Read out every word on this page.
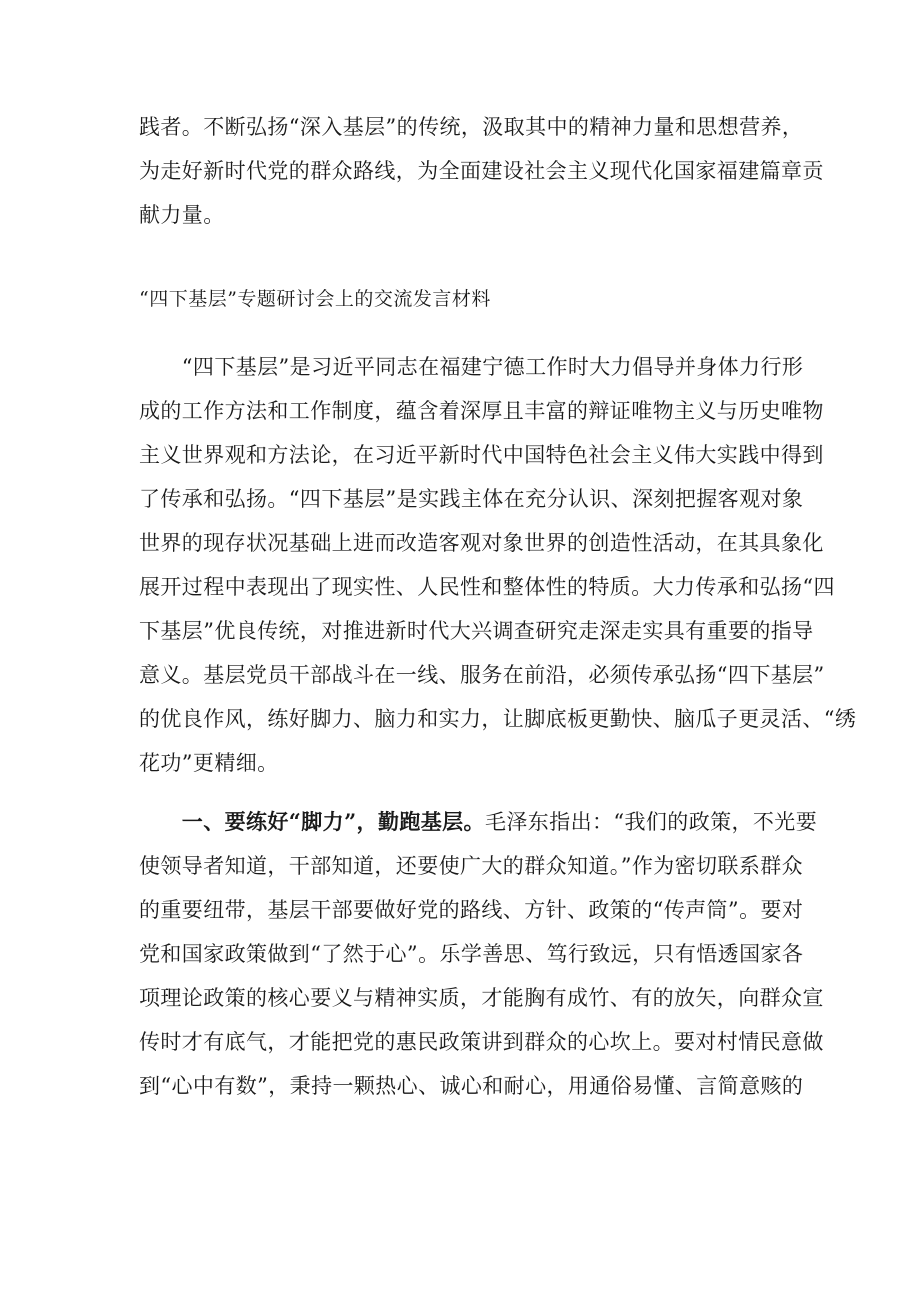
践者。不断弘扬“深入基层”的传统，汲取其中的精神力量和思想营养，
为走好新时代党的群众路线，为全面建设社会主义现代化国家福建篇章贡
献力量。
“四下基层”专题研讨会上的交流发言材料
　　“四下基层”是习近平同志在福建宁德工作时大力倡导并身体力行形
成的工作方法和工作制度，蕴含着深厚且丰富的辩证唯物主义与历史唯物
主义世界观和方法论，在习近平新时代中国特色社会主义伟大实践中得到
了传承和弘扬。“四下基层”是实践主体在充分认识、深刻把握客观对象
世界的现存状况基础上进而改造客观对象世界的创造性活动，在其具象化
展开过程中表现出了现实性、人民性和整体性的特质。大力传承和弘扬“四
下基层”优良传统，对推进新时代大兴调查研究走深走实具有重要的指导
意义。基层党员干部战斗在一线、服务在前沿，必须传承弘扬“四下基层”
的优良作风，练好脚力、脑力和实力，让脚底板更勤快、脑瓜子更灵活、“绣
花功”更精细。
　　一、要练好“脚力”，勤跑基层。毛泽东指出：“我们的政策，不光要
使领导者知道，干部知道，还要使广大的群众知道。”作为密切联系群众
的重要纽带，基层干部要做好党的路线、方针、政策的“传声筒”。要对
党和国家政策做到“了然于心”。乐学善思、笃行致远，只有悟透国家各
项理论政策的核心要义与精神实质，才能胸有成竹、有的放矢，向群众宣
传时才有底气，才能把党的惠民政策讲到群众的心坎上。要对村情民意做
到“心中有数”，秉持一颗热心、诚心和耐心，用通俗易懂、言简意赅的
